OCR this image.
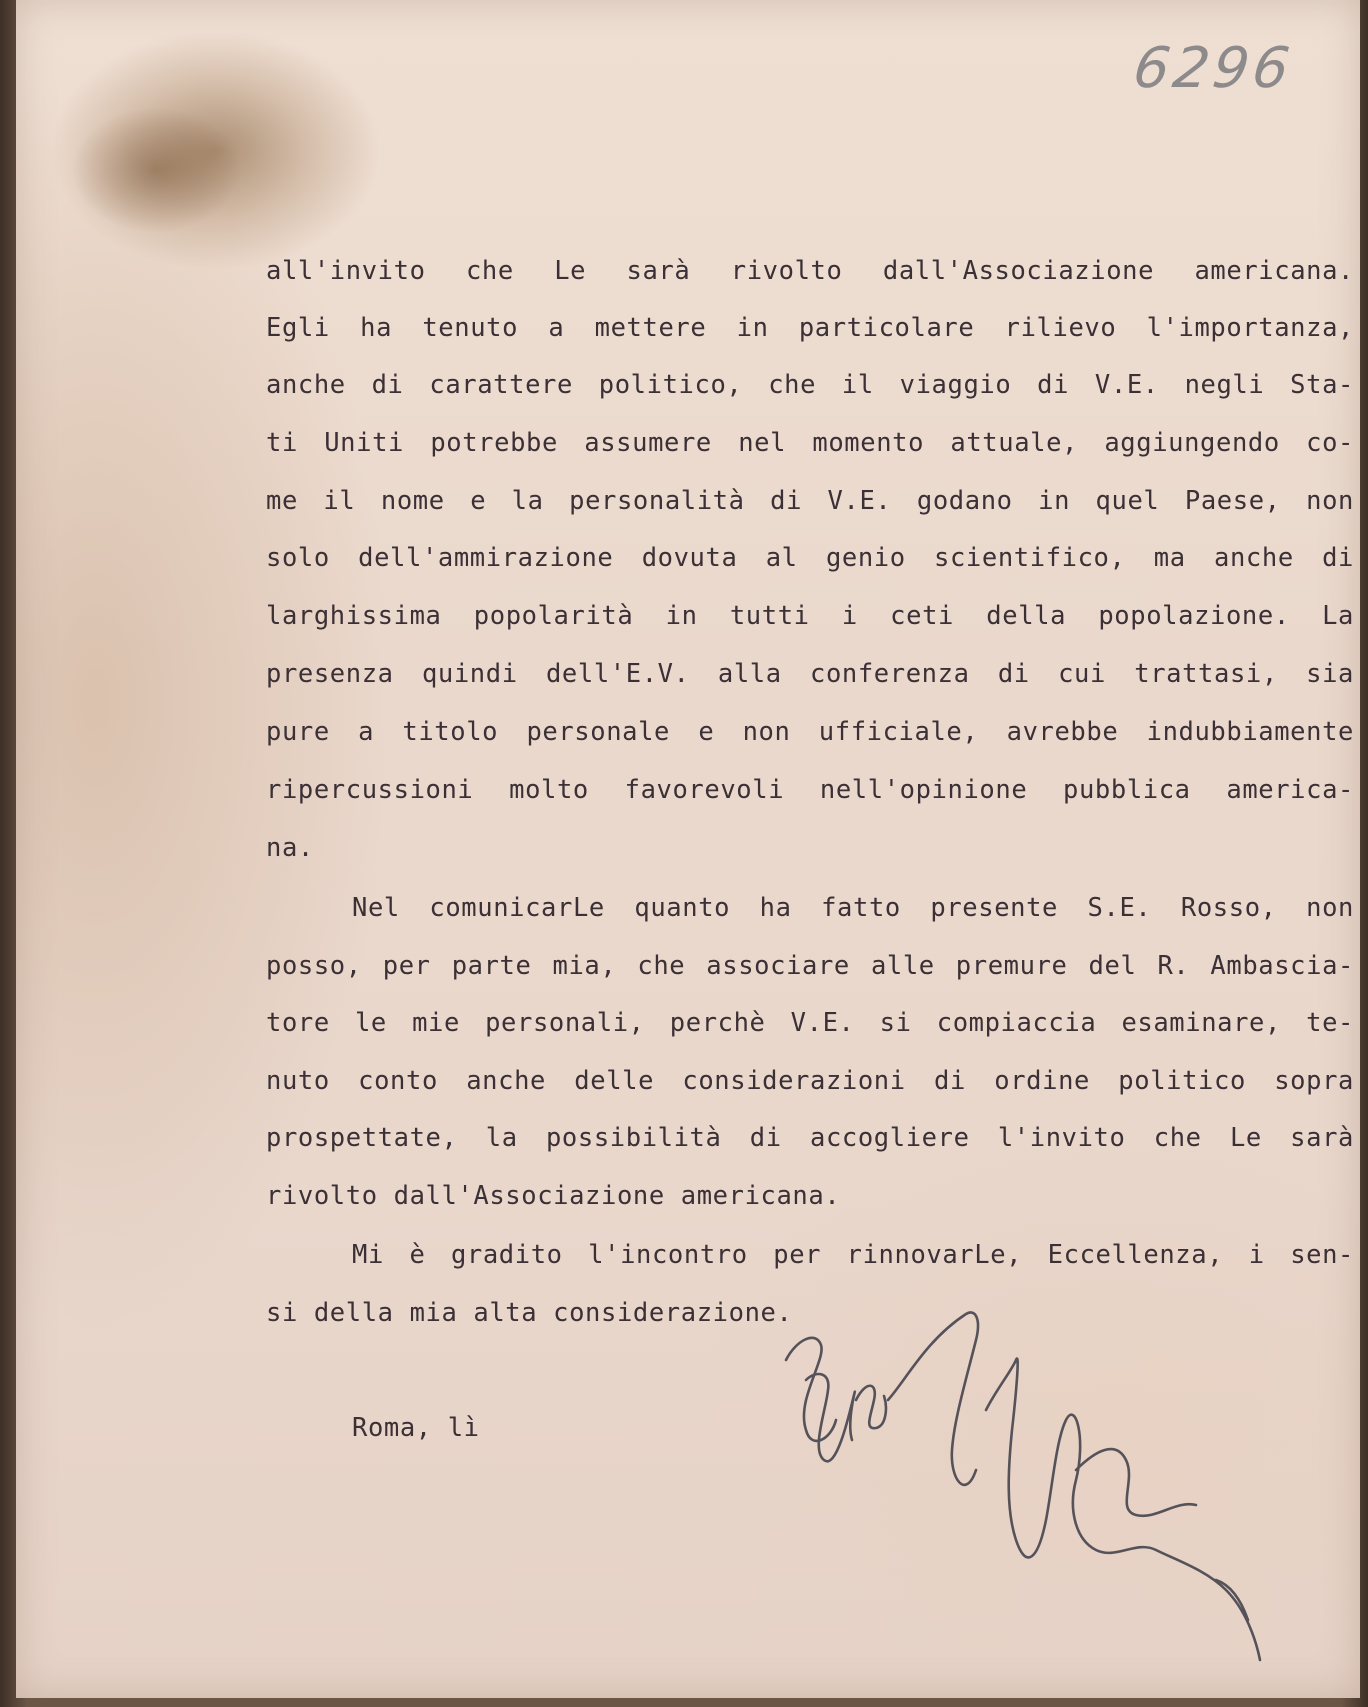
6296
all'invito che Le sarà rivolto dall'Associazione americana.
Egli ha tenuto a mettere in particolare rilievo l'importanza,
anche di carattere politico, che il viaggio di V.E. negli Sta-
ti Uniti potrebbe assumere nel momento attuale, aggiungendo co-
me il nome e la personalità di V.E. godano in quel Paese, non
solo dell'ammirazione dovuta al genio scientifico, ma anche di
larghissima popolarità in tutti i ceti della popolazione. La
presenza quindi dell'E.V. alla conferenza di cui trattasi, sia
pure a titolo personale e non ufficiale, avrebbe indubbiamente
ripercussioni molto favorevoli nell'opinione pubblica america-
na.
Nel comunicarLe quanto ha fatto presente S.E. Rosso, non
posso, per parte mia, che associare alle premure del R. Ambascia-
tore le mie personali, perchè V.E. si compiaccia esaminare, te-
nuto conto anche delle considerazioni di ordine politico sopra
prospettate, la possibilità di accogliere l'invito che Le sarà
rivolto dall'Associazione americana.
Mi è gradito l'incontro per rinnovarLe, Eccellenza, i sen-
si della mia alta considerazione.
Roma, lì
